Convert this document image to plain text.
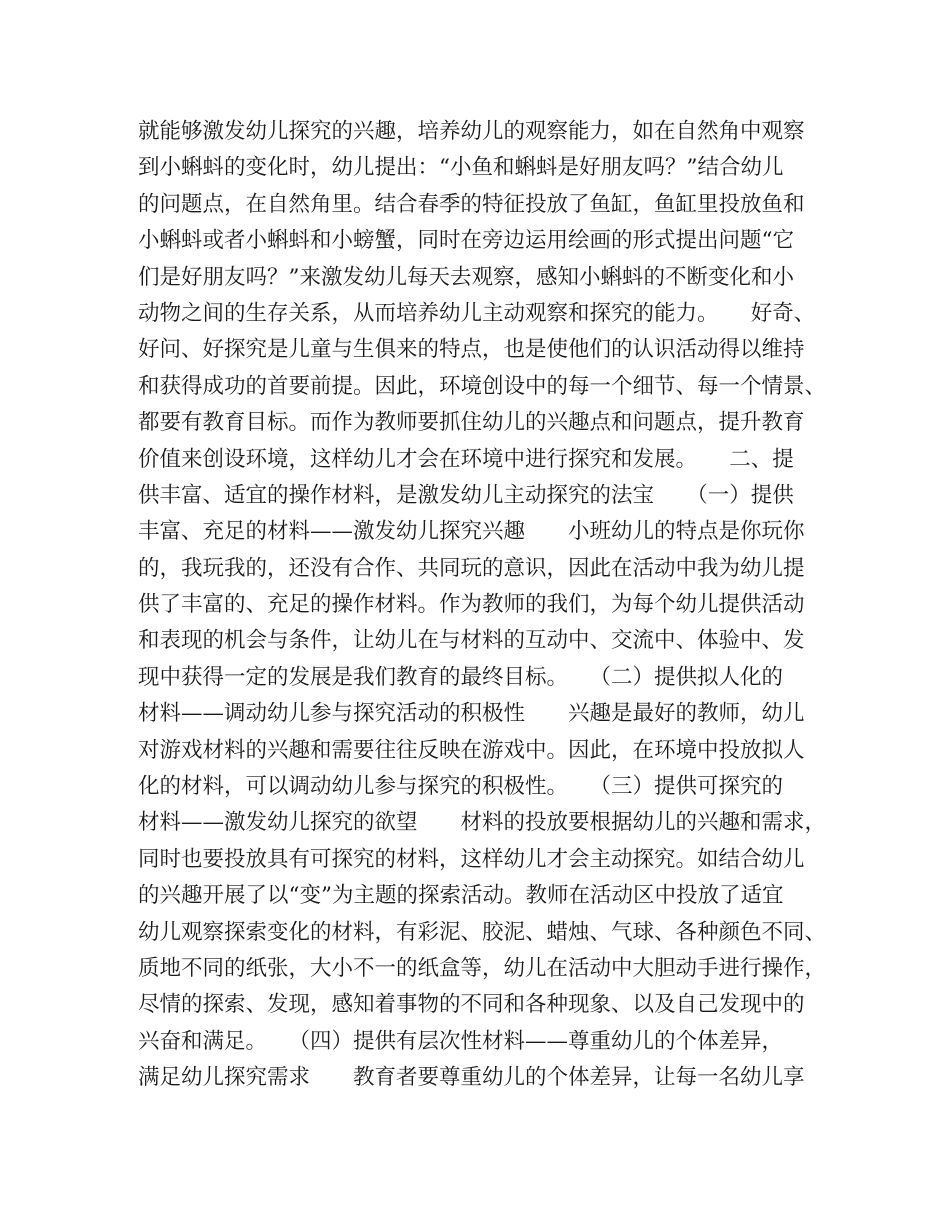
就能够激发幼儿探究的兴趣，培养幼儿的观察能力，如在自然角中观察
到小蝌蚪的变化时，幼儿提出：“小鱼和蝌蚪是好朋友吗？”结合幼儿
的问题点，在自然角里。结合春季的特征投放了鱼缸，鱼缸里投放鱼和
小蝌蚪或者小蝌蚪和小螃蟹，同时在旁边运用绘画的形式提出问题“它
们是好朋友吗？”来激发幼儿每天去观察，感知小蝌蚪的不断变化和小
动物之间的生存关系，从而培养幼儿主动观察和探究的能力。　　好奇、
好问、好探究是儿童与生俱来的特点，也是使他们的认识活动得以维持
和获得成功的首要前提。因此，环境创设中的每一个细节、每一个情景、
都要有教育目标。而作为教师要抓住幼儿的兴趣点和问题点，提升教育
价值来创设环境，这样幼儿才会在环境中进行探究和发展。　　二、提
供丰富、适宜的操作材料，是激发幼儿主动探究的法宝　　（一）提供
丰富、充足的材料——激发幼儿探究兴趣　　小班幼儿的特点是你玩你
的，我玩我的，还没有合作、共同玩的意识，因此在活动中我为幼儿提
供了丰富的、充足的操作材料。作为教师的我们，为每个幼儿提供活动
和表现的机会与条件，让幼儿在与材料的互动中、交流中、体验中、发
现中获得一定的发展是我们教育的最终目标。　　（二）提供拟人化的
材料——调动幼儿参与探究活动的积极性　　兴趣是最好的教师，幼儿
对游戏材料的兴趣和需要往往反映在游戏中。因此，在环境中投放拟人
化的材料，可以调动幼儿参与探究的积极性。　　（三）提供可探究的
材料——激发幼儿探究的欲望　　材料的投放要根据幼儿的兴趣和需求，
同时也要投放具有可探究的材料，这样幼儿才会主动探究。如结合幼儿
的兴趣开展了以“变”为主题的探索活动。教师在活动区中投放了适宜
幼儿观察探索变化的材料，有彩泥、胶泥、蜡烛、气球、各种颜色不同、
质地不同的纸张，大小不一的纸盒等，幼儿在活动中大胆动手进行操作，
尽情的探索、发现，感知着事物的不同和各种现象、以及自己发现中的
兴奋和满足。　　（四）提供有层次性材料——尊重幼儿的个体差异，
满足幼儿探究需求　　教育者要尊重幼儿的个体差异，让每一名幼儿享
